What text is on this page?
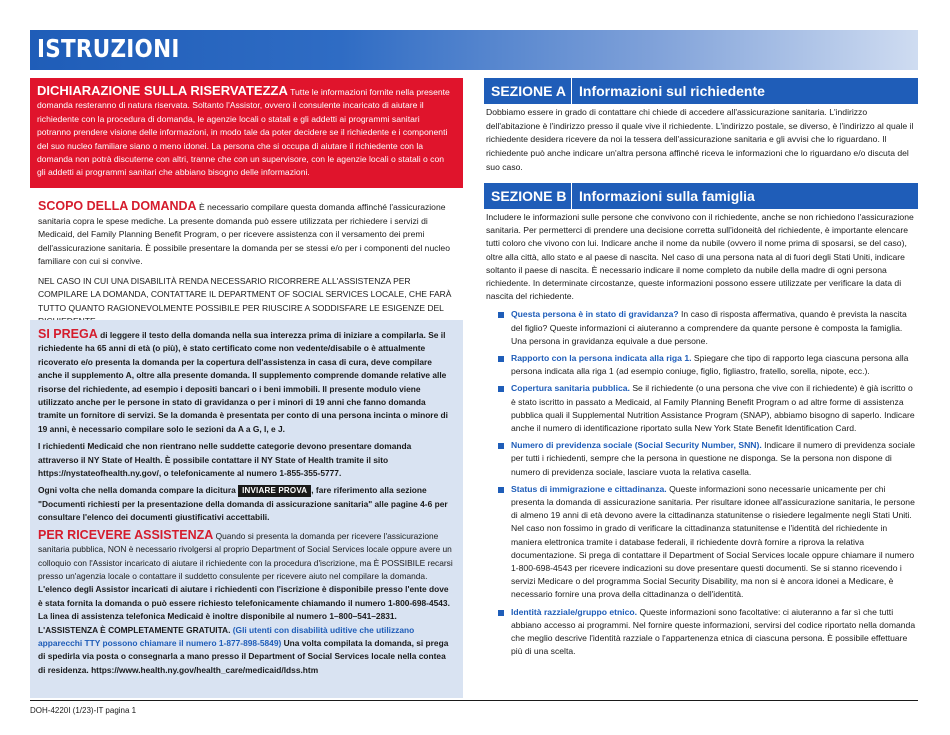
ISTRUZIONI
DICHIARAZIONE SULLA RISERVATEZZA Tutte le informazioni fornite nella presente domanda resteranno di natura riservata. Soltanto l'Assistor, ovvero il consulente incaricato di aiutare il richiedente con la procedura di domanda, le agenzie locali o statali e gli addetti ai programmi sanitari potranno prendere visione delle informazioni, in modo tale da poter decidere se il richiedente e i componenti del suo nucleo familiare siano o meno idonei. La persona che si occupa di aiutare il richiedente con la domanda non potrà discuterne con altri, tranne che con un supervisore, con le agenzie locali o statali o con gli addetti ai programmi sanitari che abbiano bisogno delle informazioni.
SCOPO DELLA DOMANDA È necessario compilare questa domanda affinché l'assicurazione sanitaria copra le spese mediche. La presente domanda può essere utilizzata per richiedere i servizi di Medicaid, del Family Planning Benefit Program, o per ricevere assistenza con il versamento dei premi dell'assicurazione sanitaria. È possibile presentare la domanda per se stessi e/o per i componenti del nucleo familiare con cui si convive.
NEL CASO IN CUI UNA DISABILITÀ RENDA NECESSARIO RICORRERE ALL'ASSISTENZA PER COMPILARE LA DOMANDA, CONTATTARE IL DEPARTMENT OF SOCIAL SERVICES LOCALE, CHE FARÀ TUTTO QUANTO RAGIONEVOLMENTE POSSIBILE PER RIUSCIRE A SODDISFARE LE ESIGENZE DEL

SI PREGA di leggere il testo della domanda nella sua interezza prima di iniziare a compilarla. Se il richiedente ha 65 anni di età (o più), è stato certificato come non vedente/disabile o è attualmente ricoverato e/o presenta la domanda per la copertura dell'assistenza in casa di cura, deve compilare anche il supplemento A, oltre alla presente domanda. Il supplemento comprende domande relative alle risorse del richiedente, ad esempio i depositi bancari o i beni immobili. Il presente modulo viene utilizzato anche per le persone in stato di gravidanza o per i minori di 19 anni che fanno domanda tramite un fornitore di servizi. Se la domanda è presentata per conto di una persona incinta o minore di 19 anni, è necessario compilare solo le sezioni da A a G, I, e J.

I richiedenti Medicaid che non rientrano nelle suddette categorie devono presentare domanda attraverso il NY State of Health. È possibile contattare il NY State of Health tramite il sito https://nystateofhealth.ny.gov/, o telefonicamente al numero 1-855-355-5777.

Ogni volta che nella domanda compare la dicitura INVIARE PROVA , fare riferimento alla sezione "Documenti richiesti per la presentazione della domanda di assicurazione sanitaria" alle pagine 4-6 per consultare l'elenco dei documenti giustificativi accettabili.

PER RICEVERE ASSISTENZA Quando si presenta la domanda per ricevere l'assicurazione sanitaria pubblica, NON è necessario rivolgersi al proprio Department of Social Services locale oppure avere un colloquio con l'Assistor incaricato di aiutare il richiedente con la procedura d'iscrizione, ma È POSSIBILE recarsi presso un'agenzia locale o contattare il suddetto consulente per ricevere aiuto nel compilare la domanda. L'elenco degli Assistor incaricati di aiutare i richiedenti con l'iscrizione è disponibile presso l'ente dove è stata fornita la domanda o può essere richiesto telefonicamente chiamando il numero 1-800-698-4543. La linea di assistenza telefonica Medicaid è inoltre disponibile al numero 1–800–541–2831. L'ASSISTENZA È COMPLETAMENTE GRATUITA. (Gli utenti con disabilità uditive che utilizzano apparecchi TTY possono chiamare il numero 1-877-898-5849) Una volta compilata la domanda, si prega di spedirla via posta o consegnarla a mano presso il Department of Social Services locale nella contea di residenza. https://www.health.ny.gov/health_care/medicaid/ldss.htm

DOH-4220I (1/23)-IT pagina 1
SEZIONE A Informazioni sul richiedente
Dobbiamo essere in grado di contattare chi chiede di accedere all'assicurazione sanitaria. L'indirizzo dell'abitazione è l'indirizzo presso il quale vive il richiedente. L'indirizzo postale, se diverso, è l'indirizzo al quale il richiedente desidera ricevere da noi la tessera dell'assicurazione sanitaria e gli avvisi che lo riguardano. Il richiedente può anche indicare un'altra persona affinché riceva le informazioni che lo riguardano e/o discuta del suo caso.
SEZIONE B Informazioni sulla famiglia
Includere le informazioni sulle persone che convivono con il richiedente, anche se non richiedono l'assicurazione sanitaria. Per permetterci di prendere una decisione corretta sull'idoneità del richiedente, è importante elencare tutti coloro che vivono con lui. Indicare anche il nome da nubile (ovvero il nome prima di sposarsi, se del caso), oltre alla città, allo stato e al paese di nascita. Nel caso di una persona nata al di fuori degli Stati Uniti, indicare soltanto il paese di nascita. È necessario indicare il nome completo da nubile della madre di ogni persona richiedente. In determinate circostanze, queste informazioni possono essere utilizzate per verificare la data di nascita del richiedente.
Questa persona è in stato di gravidanza? In caso di risposta affermativa, quando è prevista la nascita del figlio? Queste informazioni ci aiuteranno a comprendere da quante persone è composta la famiglia. Una persona in gravidanza equivale a due persone.
Rapporto con la persona indicata alla riga 1. Spiegare che tipo di rapporto lega ciascuna persona alla persona indicata alla riga 1 (ad esempio coniuge, figlio, figliastro, fratello, sorella, nipote, ecc.).
Copertura sanitaria pubblica. Se il richiedente (o una persona che vive con il richiedente) è già iscritto o è stato iscritto in passato a Medicaid, al Family Planning Benefit Program o ad altre forme di assistenza pubblica quali il Supplemental Nutrition Assistance Program (SNAP), abbiamo bisogno di saperlo. Indicare anche il numero di identificazione riportato sulla New York State Benefit Identification Card.
Numero di previdenza sociale (Social Security Number, SNN). Indicare il numero di previdenza sociale per tutti i richiedenti, sempre che la persona in questione ne disponga. Se la persona non dispone di numero di previdenza sociale, lasciare vuota la relativa casella.
Status di immigrazione e cittadinanza. Queste informazioni sono necessarie unicamente per chi presenta la domanda di assicurazione sanitaria. Per risultare idonee all'assicurazione sanitaria, le persone di almeno 19 anni di età devono avere la cittadinanza statunitense o risiedere legalmente negli Stati Uniti. Nel caso non fossimo in grado di verificare la cittadinanza statunitense e l'identità del richiedente in maniera elettronica tramite i database federali, il richiedente dovrà fornire a riprova la relativa documentazione. Si prega di contattare il Department of Social Services locale oppure chiamare il numero 1-800-698-4543 per ricevere indicazioni su dove presentare questi documenti. Se si stanno ricevendo i servizi Medicare o del programma Social Security Disability, ma non si è ancora idonei a Medicare, è necessario fornire una prova della cittadinanza o dell'identità.
Identità razziale/gruppo etnico. Queste informazioni sono facoltative: ci aiuteranno a far sì che tutti abbiano accesso ai programmi. Nel fornire queste informazioni, servirsi del codice riportato nella domanda che meglio descrive l'identità razziale o l'appartenenza etnica di ciascuna persona. È possibile effettuare più di una scelta.
